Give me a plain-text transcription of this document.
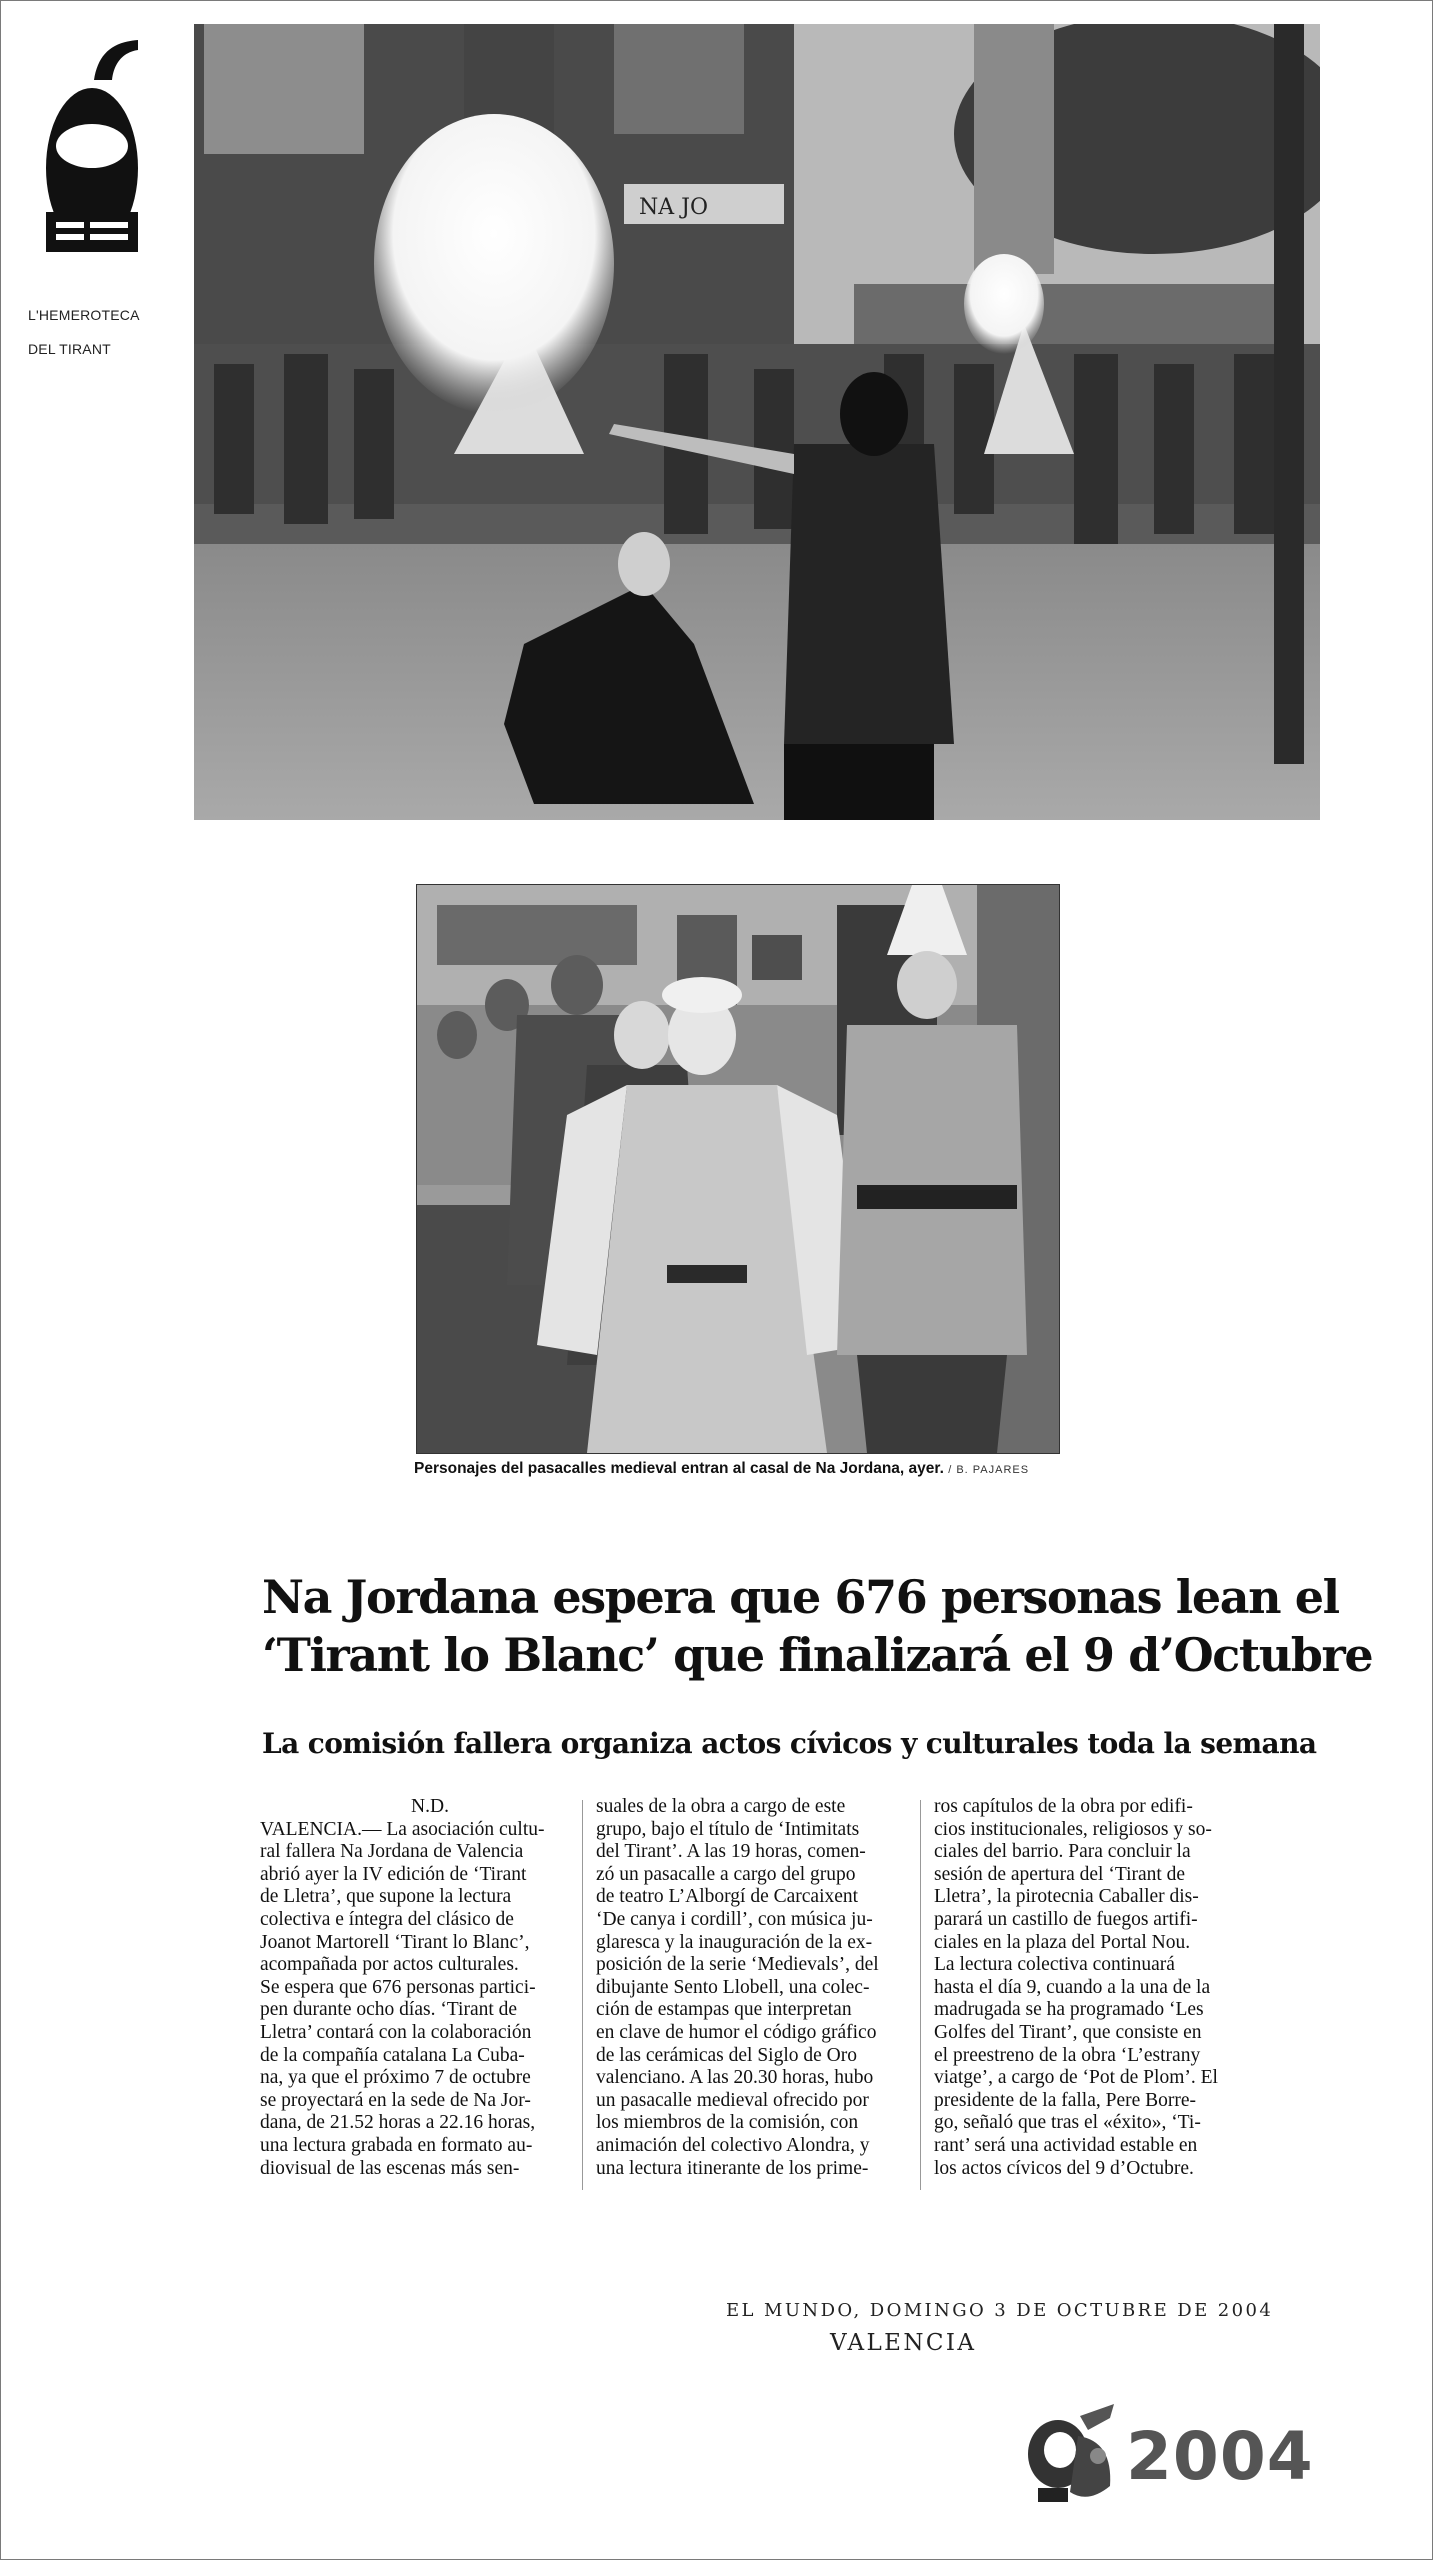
L'HEMEROTECA

DEL TIRANT

NA JO
Personajes del pasacalles medieval entran al casal de Na Jordana, ayer. / B. PAJARES
Na Jordana espera que 676 personas lean el
‘Tirant lo Blanc’ que finalizará el 9 d’Octubre
La comisión fallera organiza actos cívicos y culturales toda la semana

N.D.

VALENCIA.— La asociación cultu-

ral fallera Na Jordana de Valencia

abrió ayer la IV edición de ‘Tirant

de Lletra’, que supone la lectura

colectiva e íntegra del clásico de

Joanot Martorell ‘Tirant lo Blanc’,

acompañada por actos culturales.

Se espera que 676 personas partici-

pen durante ocho días. ‘Tirant de

Lletra’ contará con la colaboración

de la compañía catalana La Cuba-

na, ya que el próximo 7 de octubre

se proyectará en la sede de Na Jor-

dana, de 21.52 horas a 22.16 horas,

una lectura grabada en formato au-

diovisual de las escenas más sen-

suales de la obra a cargo de este

grupo, bajo el título de ‘Intimitats

del Tirant’. A las 19 horas, comen-

zó un pasacalle a cargo del grupo

de teatro L’Alborgí de Carcaixent

‘De canya i cordill’, con música ju-

glaresca y la inauguración de la ex-

posición de la serie ‘Medievals’, del

dibujante Sento Llobell, una colec-

ción de estampas que interpretan

en clave de humor el código gráfico

de las cerámicas del Siglo de Oro

valenciano. A las 20.30 horas, hubo

un pasacalle medieval ofrecido por

los miembros de la comisión, con

animación del colectivo Alondra, y

una lectura itinerante de los prime-

ros capítulos de la obra por edifi-

cios institucionales, religiosos y so-

ciales del barrio. Para concluir la

sesión de apertura del ‘Tirant de

Lletra’, la pirotecnia Caballer dis-

parará un castillo de fuegos artifi-

ciales en la plaza del Portal Nou.

La lectura colectiva continuará

hasta el día 9, cuando a la una de la

madrugada se ha programado ‘Les

Golfes del Tirant’, que consiste en

el preestreno de la obra ‘L’estrany

viatge’, a cargo de ‘Pot de Plom’. El

presidente de la falla, Pere Borre-

go, señaló que tras el «éxito», ‘Ti-

rant’ será una actividad estable en

los actos cívicos del 9 d’Octubre.

EL MUNDO, DOMINGO 3 DE OCTUBRE DE 2004
VALENCIA
2004
